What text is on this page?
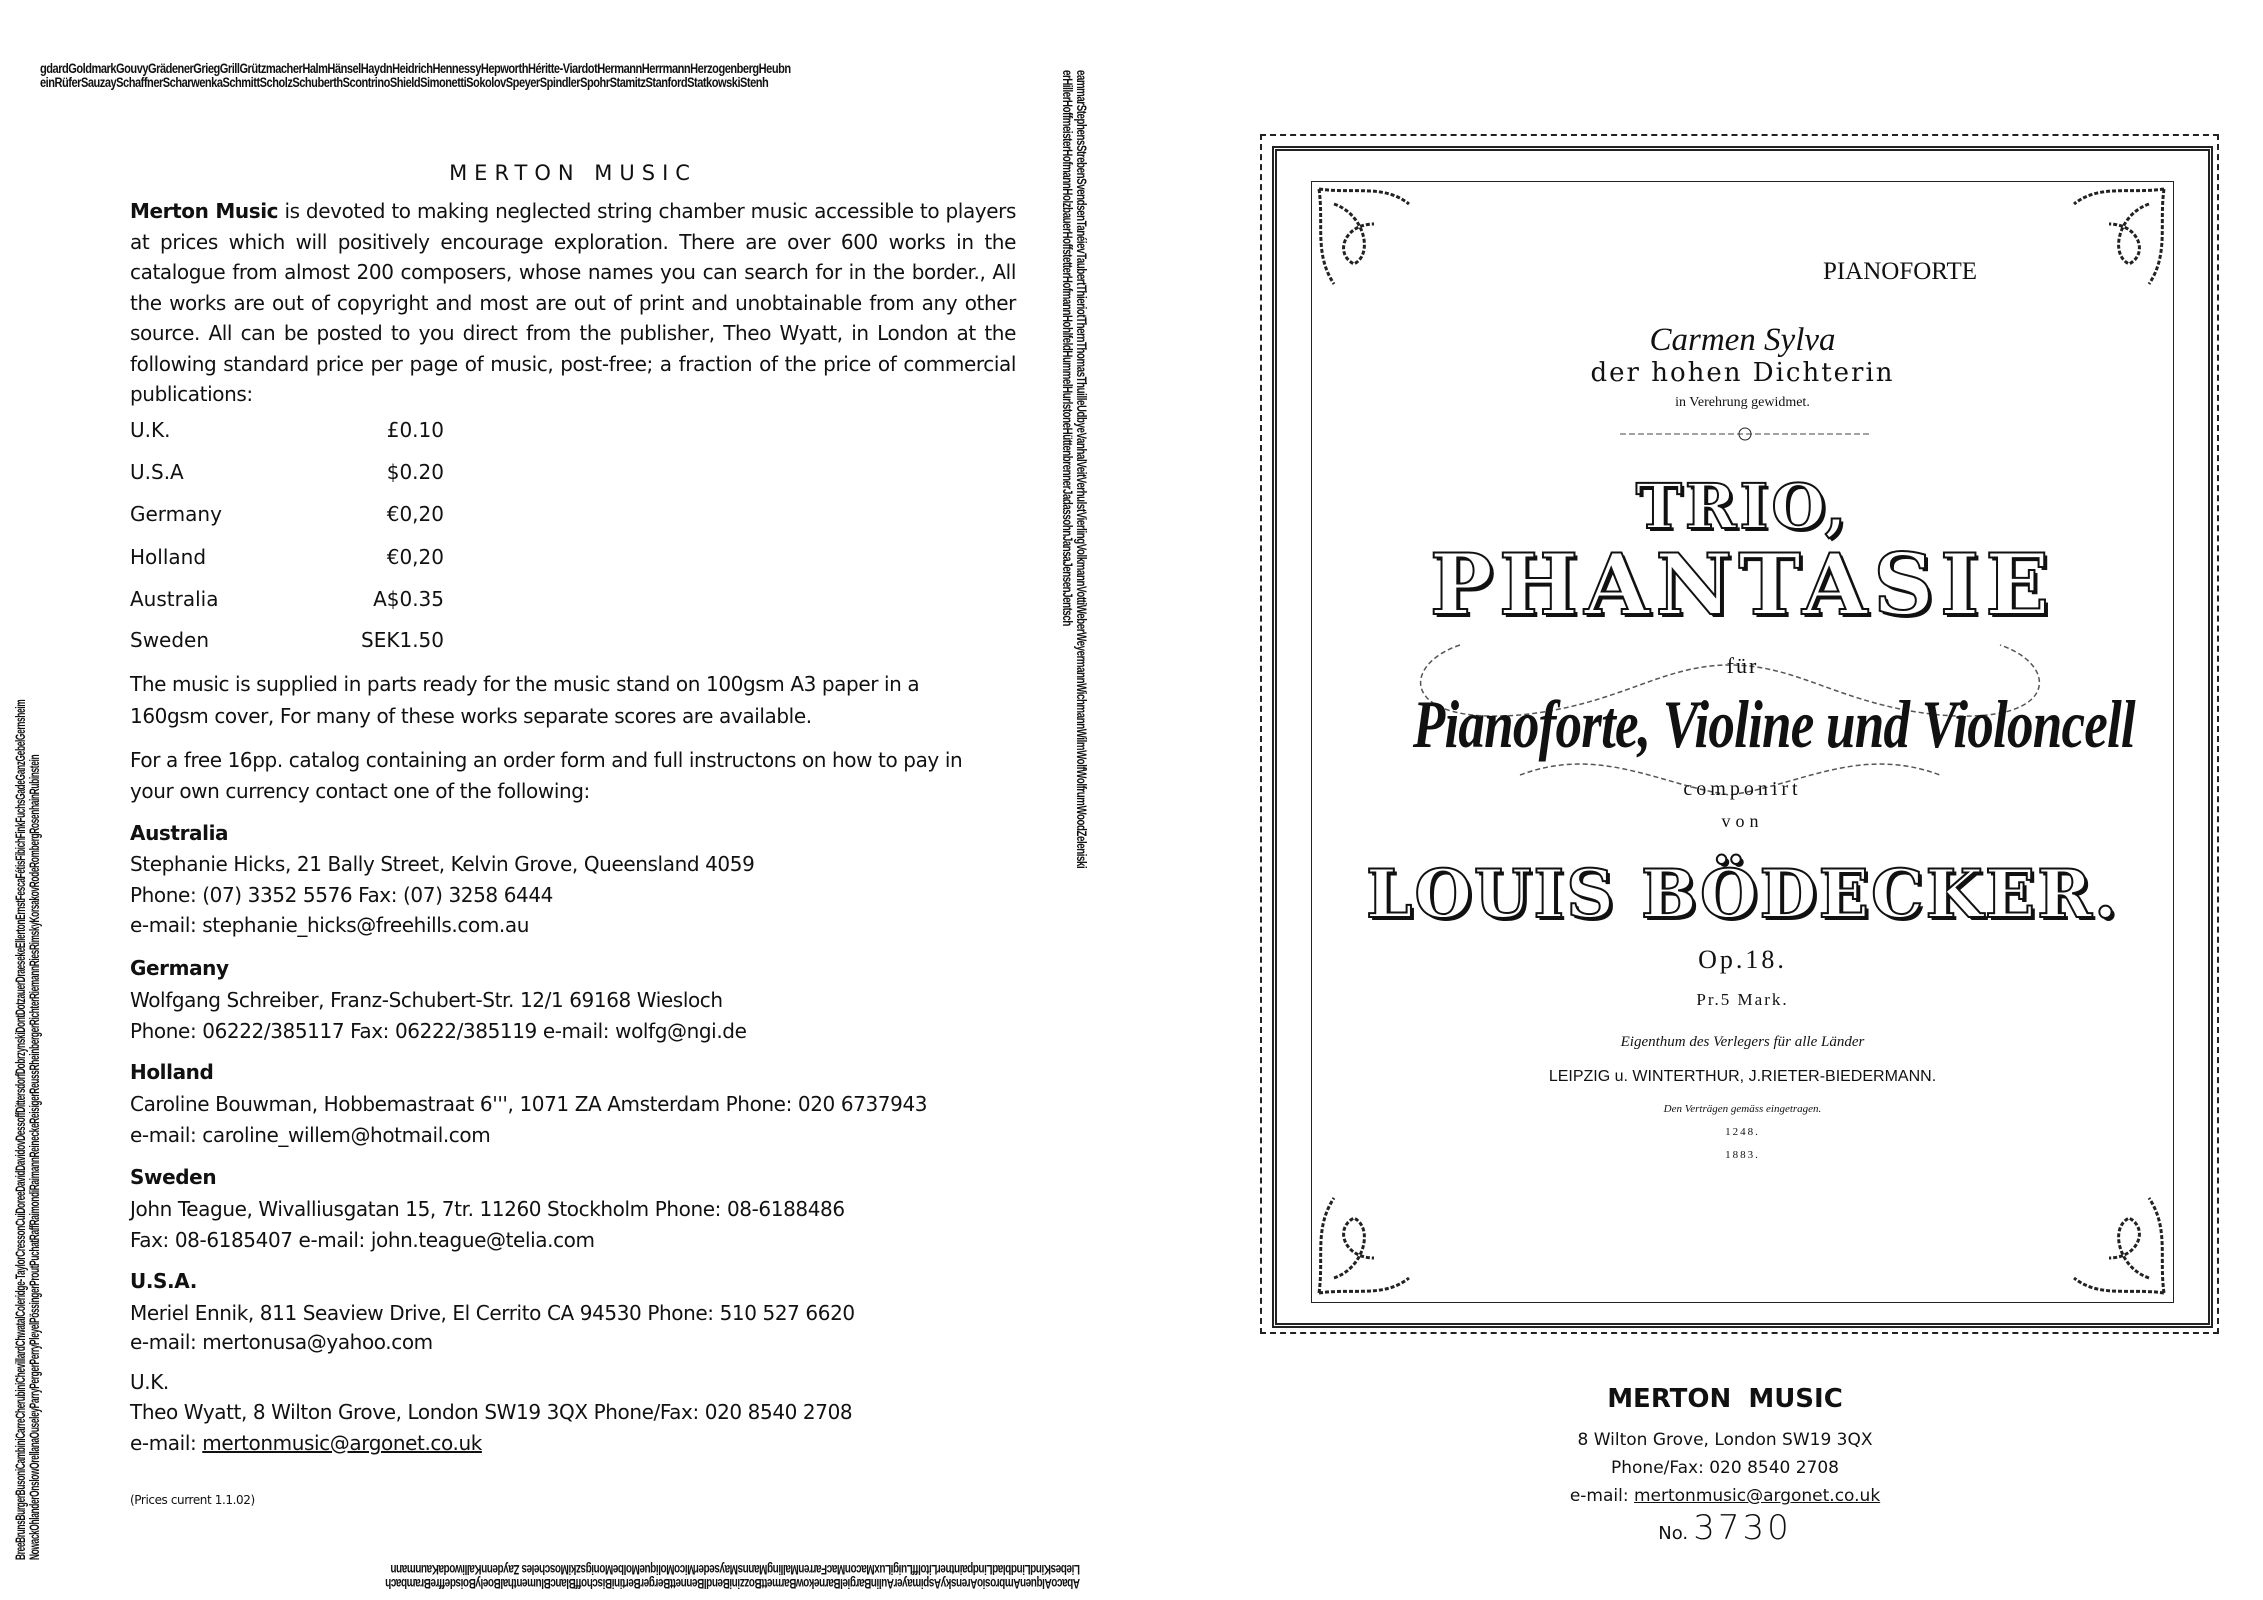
gdardGoldmarkGouvyGrädenerGriegGrillGrützmacherHalmHänselHaydnHeidrichHennessyHepworthHéritte-ViardotHermannHerrmannHerzogenbergHeubn
einRüferSauzaySchaffnerScharwenkaSchmittScholzSchuberthScontrinoShieldSimonettiSokolovSpeyerSpindlerSpohrStamitzStanfordStatkowskiStenh	erHillerHoffmeisterHofmannHolzbauerHoffstetterHofmannHohlfeldHummelHurlstoneHüttenbrennerJadassohnJansaJensenJentsch eammarStephensStrebenSvendsenTanéievTaubertThieriotThernThomasThuilleUdbyeVanhalVeitVerhulstVierlingVolkmannVottiWeberWeyermannWichmannWilmWolfWolfrumWoodZeleniski
BreeBrunsBurgerBusoniCambiniCarreCherubiniChevillardChwatalColeridge-TaylorCressonCuiDoreeDavidDavidovDessoffDittersdorfDobrzynskiDontDotzauerDraesekeEllertonErnstFescaFétisFibichFinkFuchsGadeGanzGebelGernsheim NowackOhlanderOnslowOrellanaOuseleyParryPergerPerryPleyelPössingerProutPuchatRaffRaimondiRaimannReineckeReisigerReussRheinbergerRichterRiemannRiesRimskyKorsakovRodeRombergRosenhainRubinstein
AbacoAlquenAmbrosioArenskyAspimayerAulinBargielBarnekowBarmettBozziniBendlBennettBergerBertiniBischoffBlancBlumenthalBoelyBoisdeffreBrambach
LiebesKindLindbladLindpaintnerLitolffLuigiLuxMaconMacFarrenMallingMannsMaysederMicoMoliqueMolbeMonigszkiMoscheles ZaydennKalliwodaKaunmann
MERTON MUSIC
Merton Music is devoted to making neglected string chamber music accessible to players at prices which will positively encourage exploration. There are over 600 works in the catalogue from almost 200 composers, whose names you can search for in the border., All the works are out of copyright and most are out of print and unobtainable from any other source. All can be posted to you direct from the publisher, Theo Wyatt, in London at the following standard price per page of music, post-free; a fraction of the price of commercial publications:
U.K.	£0.10
U.S.A	$0.20
Germany	€0,20
Holland	€0,20
Australia	A$0.35
Sweden	SEK1.50
The music is supplied in parts ready for the music stand on 100gsm A3 paper in a
160gsm cover, For many of these works separate scores are available.
For a free 16pp. catalog containing an order form and full instructons on how to pay in
your own currency contact one of the following:
Australia
Stephanie Hicks, 21 Bally Street, Kelvin Grove, Queensland 4059
Phone: (07) 3352 5576 Fax: (07) 3258 6444
e-mail: stephanie_hicks@freehills.com.au
Germany
Wolfgang Schreiber, Franz-Schubert-Str. 12/1 69168 Wiesloch
Phone: 06222/385117 Fax: 06222/385119 e-mail: wolfg@ngi.de
Holland
Caroline Bouwman, Hobbemastraat 6''', 1071 ZA Amsterdam Phone: 020 6737943
e-mail: caroline_willem@hotmail.com
Sweden
John Teague, Wivalliusgatan 15, 7tr. 11260 Stockholm Phone: 08-6188486
Fax: 08-6185407 e-mail: john.teague@telia.com
U.S.A.
Meriel Ennik, 811 Seaview Drive, El Cerrito CA 94530 Phone: 510 527 6620
e-mail: mertonusa@yahoo.com
U.K.
Theo Wyatt, 8 Wilton Grove, London SW19 3QX Phone/Fax: 020 8540 2708
e-mail: mertonmusic@argonet.co.uk
(Prices current 1.1.02)
PIANOFORTE
Carmen Sylva
der hohen Dichterin
in Verehrung gewidmet.
TRIO,
PHANTASIE
für
Pianoforte, Violine und Violoncell
componirt
von
LOUIS BÖDECKER.
Op.18.
Pr.5 Mark.
Eigenthum des Verlegers für alle Länder
LEIPZIG u. WINTERTHUR, J.RIETER-BIEDERMANN.
Den Verträgen gemäss eingetragen.
1248.
1883.
MERTON MUSIC
8 Wilton Grove, London SW19 3QX
Phone/Fax: 020 8540 2708
e-mail: mertonmusic@argonet.co.uk
No. 3730
